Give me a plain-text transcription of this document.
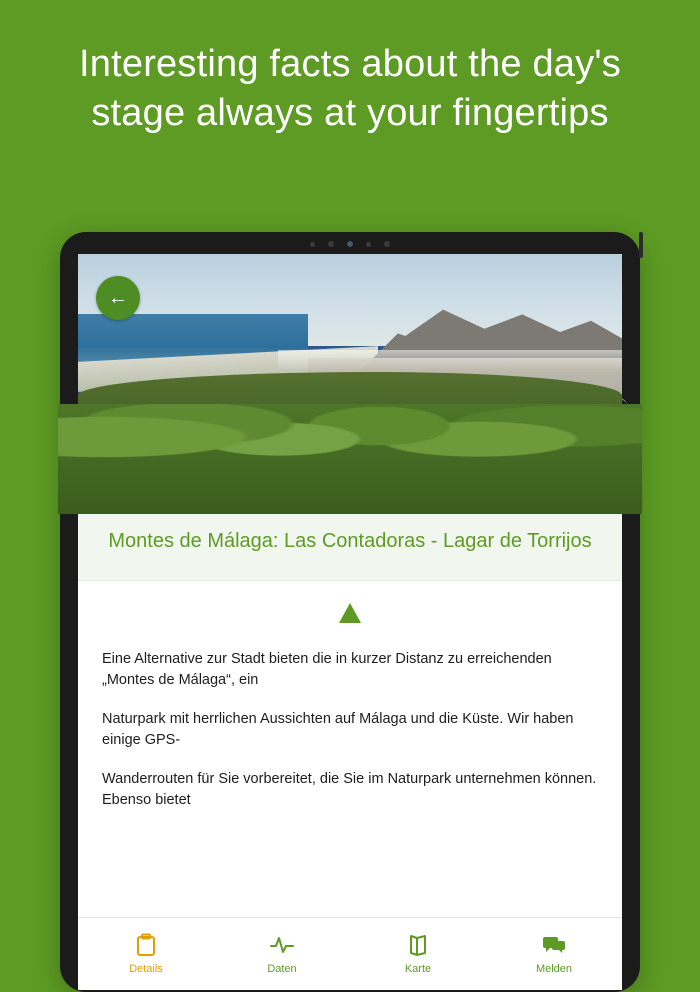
Interesting facts about the day's stage always at your fingertips
←
Montes de Málaga: Las Contadoras - Lagar de Torrijos

Eine Alternative zur Stadt bieten die in kurzer Distanz zu erreichenden „Montes de Málaga“, ein

Naturpark mit herrlichen Aussichten auf Málaga und die Küste. Wir haben einige GPS-

Wanderrouten für Sie vorbereitet, die Sie im Naturpark unternehmen können. Ebenso bietet

Details	Daten	Karte	Melden
